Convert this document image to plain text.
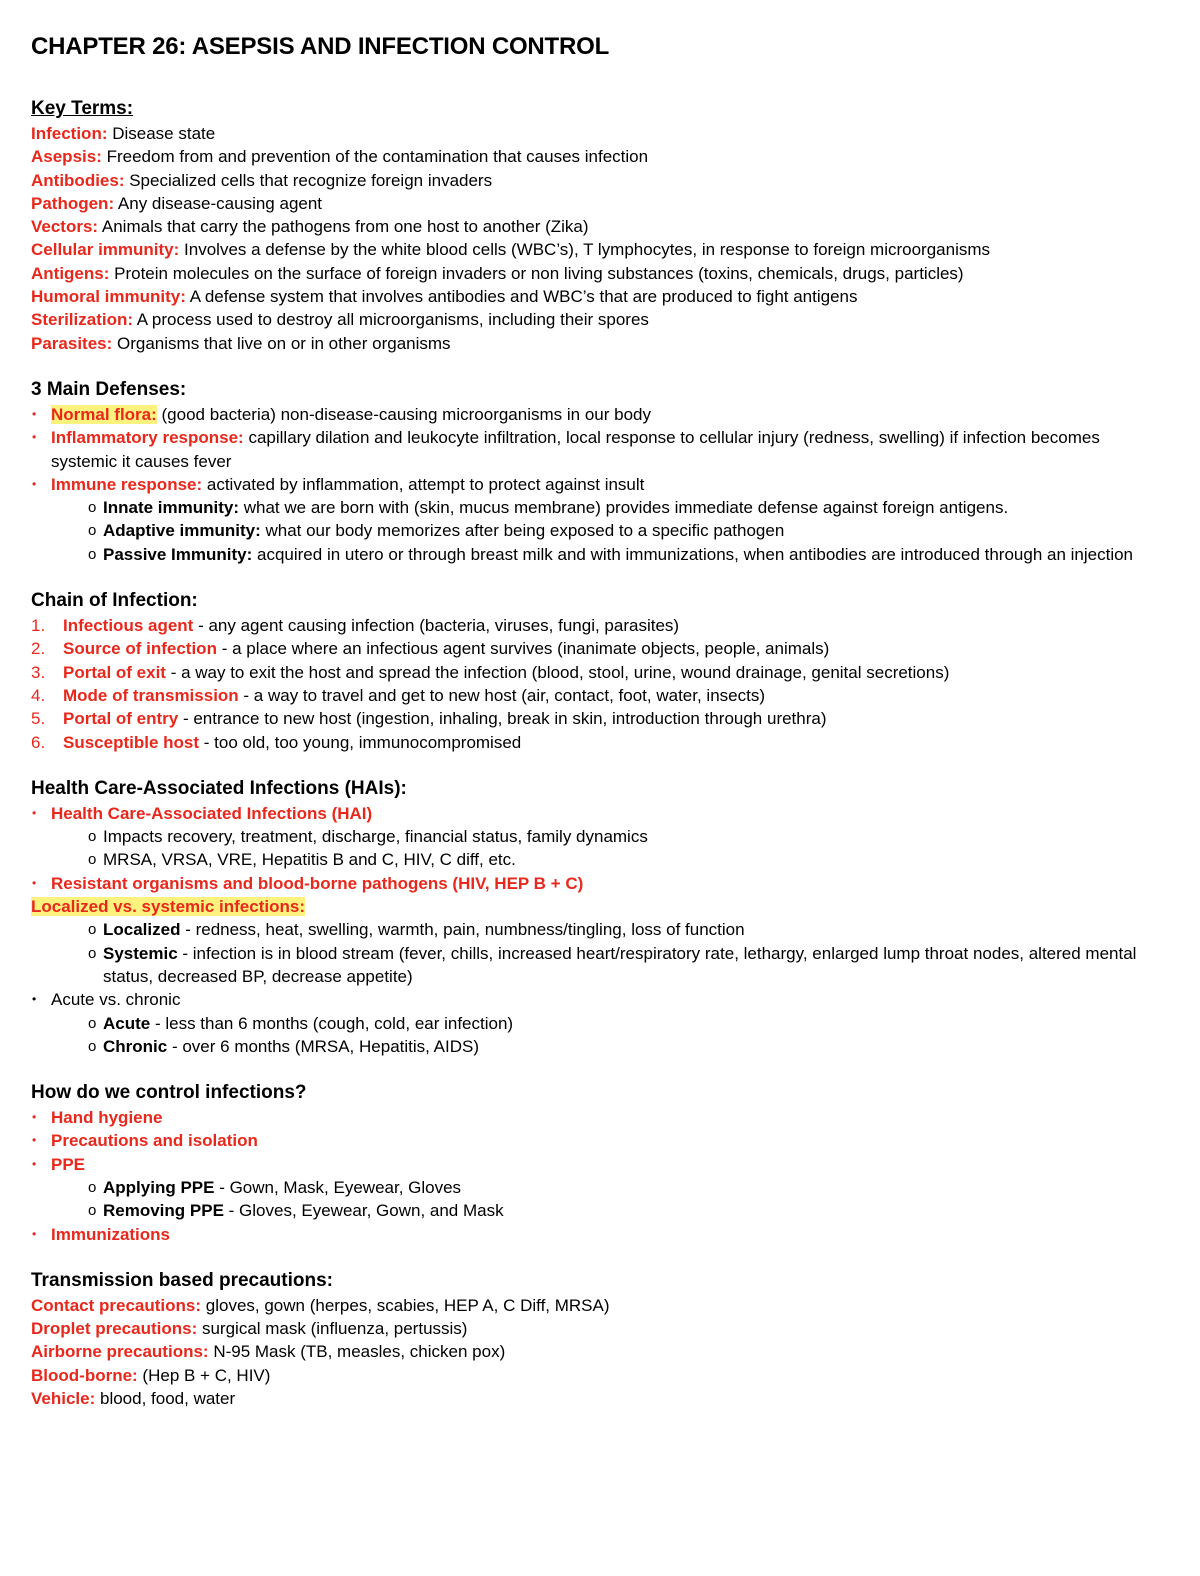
CHAPTER 26: ASEPSIS AND INFECTION CONTROL
Key Terms:

Infection: Disease state

Asepsis: Freedom from and prevention of the contamination that causes infection

Antibodies: Specialized cells that recognize foreign invaders

Pathogen: Any disease-causing agent

Vectors: Animals that carry the pathogens from one host to another (Zika)

Cellular immunity: Involves a defense by the white blood cells (WBC’s), T lymphocytes, in response to foreign microorganisms

Antigens: Protein molecules on the surface of foreign invaders or non living substances (toxins, chemicals, drugs, particles)

Humoral immunity: A defense system that involves antibodies and WBC’s that are produced to fight antigens

Sterilization: A process used to destroy all microorganisms, including their spores

Parasites: Organisms that live on or in other organisms

3 Main Defenses:
• Normal flora: (good bacteria) non-disease-causing microorganisms in our body
• Inflammatory response: capillary dilation and leukocyte infiltration, local response to cellular injury (redness, swelling) if infection becomes systemic it causes fever
• Immune response: activated by inflammation, attempt to protect against insult
o Innate immunity: what we are born with (skin, mucus membrane) provides immediate defense against foreign antigens.
o Adaptive immunity: what our body memorizes after being exposed to a specific pathogen
o Passive Immunity: acquired in utero or through breast milk and with immunizations, when antibodies are introduced through an injection
Chain of Infection:
1. Infectious agent - any agent causing infection (bacteria, viruses, fungi, parasites)
2. Source of infection - a place where an infectious agent survives (inanimate objects, people, animals)
3. Portal of exit - a way to exit the host and spread the infection (blood, stool, urine, wound drainage, genital secretions)
4. Mode of transmission - a way to travel and get to new host (air, contact, foot, water, insects)
5. Portal of entry - entrance to new host (ingestion, inhaling, break in skin, introduction through urethra)
6. Susceptible host - too old, too young, immunocompromised
Health Care-Associated Infections (HAIs):
• Health Care-Associated Infections (HAI)
o Impacts recovery, treatment, discharge, financial status, family dynamics
o MRSA, VRSA, VRE, Hepatitis B and C, HIV, C diff, etc.
• Resistant organisms and blood-borne pathogens (HIV, HEP B + C)

Localized vs. systemic infections:

o Localized - redness, heat, swelling, warmth, pain, numbness/tingling, loss of function
o Systemic - infection is in blood stream (fever, chills, increased heart/respiratory rate, lethargy, enlarged lump throat nodes, altered mental status, decreased BP, decrease appetite)
• Acute vs. chronic
o Acute - less than 6 months (cough, cold, ear infection)
o Chronic - over 6 months (MRSA, Hepatitis, AIDS)
How do we control infections?
• Hand hygiene
• Precautions and isolation
• PPE
o Applying PPE - Gown, Mask, Eyewear, Gloves
o Removing PPE - Gloves, Eyewear, Gown, and Mask
• Immunizations
Transmission based precautions:

Contact precautions: gloves, gown (herpes, scabies, HEP A, C Diff, MRSA)

Droplet precautions: surgical mask (influenza, pertussis)

Airborne precautions: N-95 Mask (TB, measles, chicken pox)

Blood-borne: (Hep B + C, HIV)

Vehicle: blood, food, water
